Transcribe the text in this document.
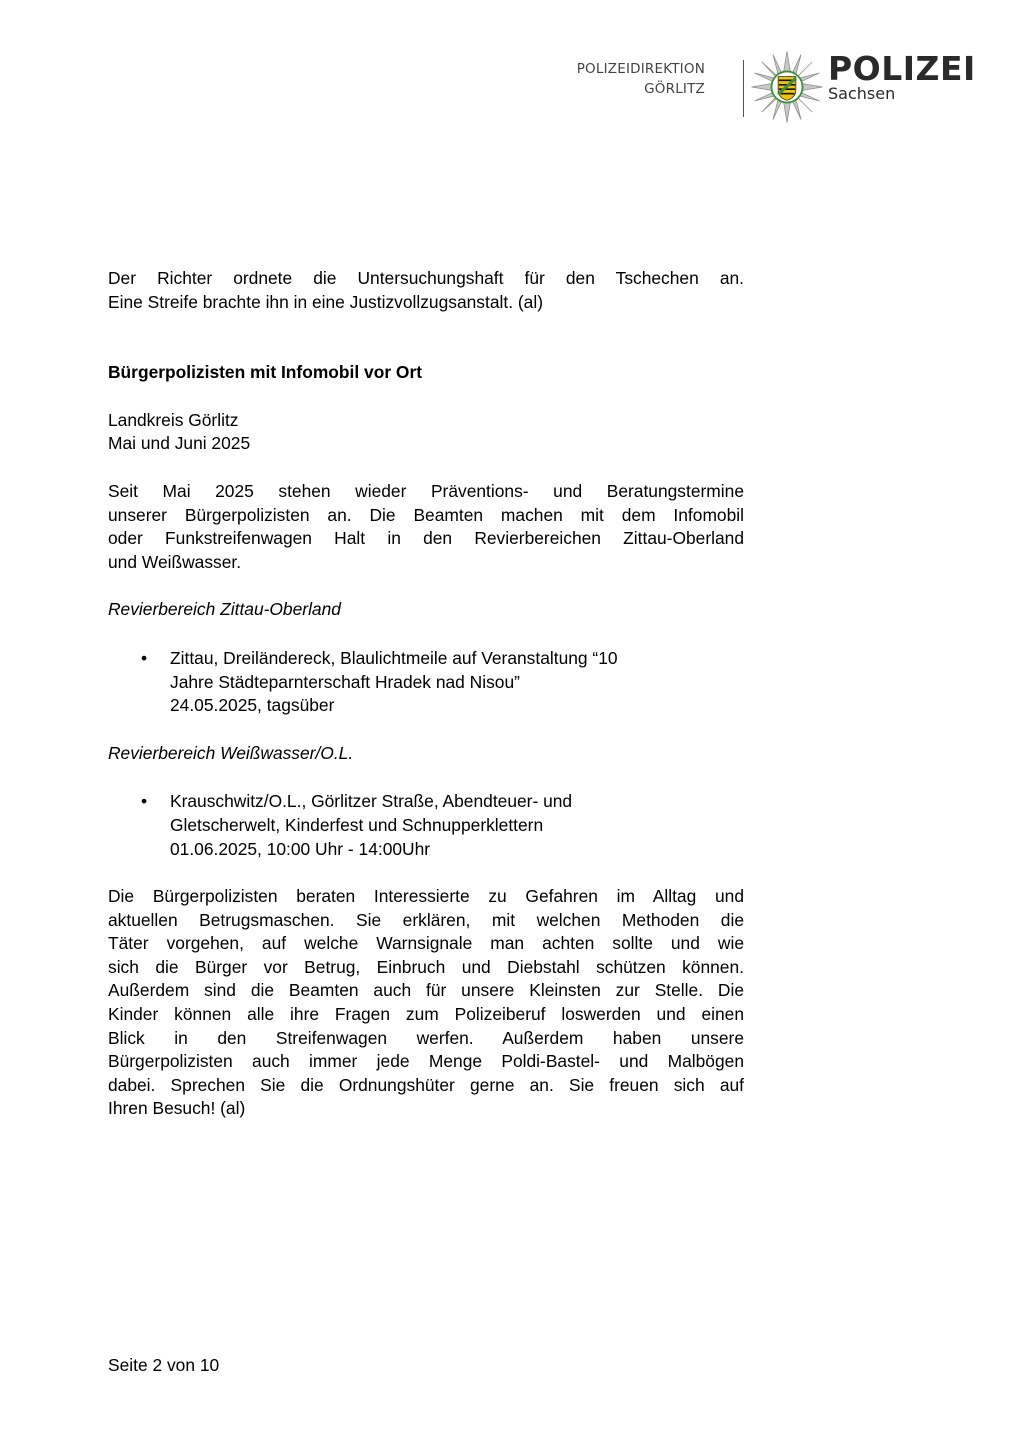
POLIZEIDIREKTION
GÖRLITZ
POLIZEI
Sachsen

Der Richter ordnete die Untersuchungshaft für den Tschechen an.
Eine Streife brachte ihn in eine Justizvollzugsanstalt. (al)

Bürgerpolizisten mit Infomobil vor Ort

Landkreis Görlitz

Mai und Juni 2025

Seit Mai 2025 stehen wieder Präventions- und Beratungstermine
unserer Bürgerpolizisten an. Die Beamten machen mit dem Infomobil
oder Funkstreifenwagen Halt in den Revierbereichen Zittau-Oberland
und Weißwasser.

Revierbereich Zittau-Oberland

• Zittau, Dreiländereck, Blaulichtmeile auf Veranstaltung “10
Jahre Städteparnterschaft Hradek nad Nisou”
24.05.2025, tagsüber

Revierbereich Weißwasser/O.L.

• Krauschwitz/O.L., Görlitzer Straße, Abendteuer- und
Gletscherwelt, Kinderfest und Schnupperklettern
01.06.2025, 10:00 Uhr - 14:00Uhr

Die Bürgerpolizisten beraten Interessierte zu Gefahren im Alltag und
aktuellen Betrugsmaschen. Sie erklären, mit welchen Methoden die
Täter vorgehen, auf welche Warnsignale man achten sollte und wie
sich die Bürger vor Betrug, Einbruch und Diebstahl schützen können.
Außerdem sind die Beamten auch für unsere Kleinsten zur Stelle. Die
Kinder können alle ihre Fragen zum Polizeiberuf loswerden und einen
Blick in den Streifenwagen werfen. Außerdem haben unsere
Bürgerpolizisten auch immer jede Menge Poldi-Bastel- und Malbögen
dabei. Sprechen Sie die Ordnungshüter gerne an. Sie freuen sich auf
Ihren Besuch! (al)

Seite 2 von 10
